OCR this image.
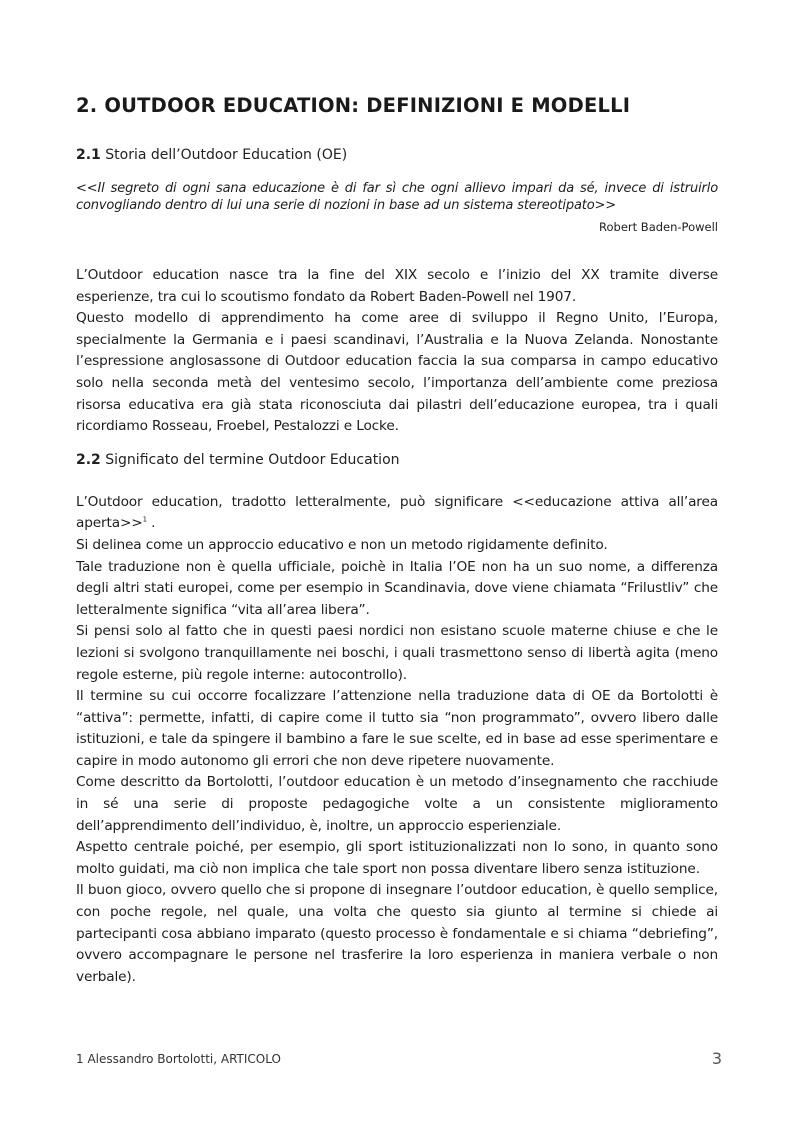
2. OUTDOOR EDUCATION: DEFINIZIONI E MODELLI
2.1 Storia dell’Outdoor Education (OE)
<<Il segreto di ogni sana educazione è di far sì che ogni allievo impari da sé, invece di istruirlo convogliando dentro di lui una serie di nozioni in base ad un sistema stereotipato>>
Robert Baden-Powell

L’Outdoor education nasce tra la fine del XIX secolo e l’inizio del XX tramite diverse esperienze, tra cui lo scoutismo fondato da Robert Baden-Powell nel 1907.

Questo modello di apprendimento ha come aree di sviluppo il Regno Unito, l’Europa, specialmente la Germania e i paesi scandinavi, l’Australia e la Nuova Zelanda. Nonostante l’espressione anglosassone di Outdoor education faccia la sua comparsa in campo educativo solo nella seconda metà del ventesimo secolo, l’importanza dell’ambiente come preziosa risorsa educativa era già stata riconosciuta dai pilastri dell’educazione europea, tra i quali ricordiamo Rosseau, Froebel, Pestalozzi e Locke.

2.2 Significato del termine Outdoor Education

L’Outdoor education, tradotto letteralmente, può significare <<educazione attiva all’area aperta>>$^1$ .

Si delinea come un approccio educativo e non un metodo rigidamente definito.

Tale traduzione non è quella ufficiale, poichè in Italia l’OE non ha un suo nome, a differenza degli altri stati europei, come per esempio in Scandinavia, dove viene chiamata “Frilustliv” che letteralmente significa “vita all’area libera”.

Si pensi solo al fatto che in questi paesi nordici non esistano scuole materne chiuse e che le lezioni si svolgono tranquillamente nei boschi, i quali trasmettono senso di libertà agita (meno regole esterne, più regole interne: autocontrollo).

Il termine su cui occorre focalizzare l’attenzione nella traduzione data di OE da Bortolotti è “attiva”: permette, infatti, di capire come il tutto sia “non programmato”, ovvero libero dalle istituzioni, e tale da spingere il bambino a fare le sue scelte, ed in base ad esse sperimentare e capire in modo autonomo gli errori che non deve ripetere nuovamente.

Come descritto da Bortolotti, l’outdoor education è un metodo d’insegnamento che racchiude in sé una serie di proposte pedagogiche volte a un consistente miglioramento dell’apprendimento dell’individuo, è, inoltre, un approccio esperienziale.

Aspetto centrale poiché, per esempio, gli sport istituzionalizzati non lo sono, in quanto sono molto guidati, ma ciò non implica che tale sport non possa diventare libero senza istituzione.

Il buon gioco, ovvero quello che si propone di insegnare l’outdoor education, è quello semplice, con poche regole, nel quale, una volta che questo sia giunto al termine si chiede ai partecipanti cosa abbiano imparato (questo processo è fondamentale e si chiama “debriefing”, ovvero accompagnare le persone nel trasferire la loro esperienza in maniera verbale o non verbale).

1 Alessandro Bortolotti, ARTICOLO	3
